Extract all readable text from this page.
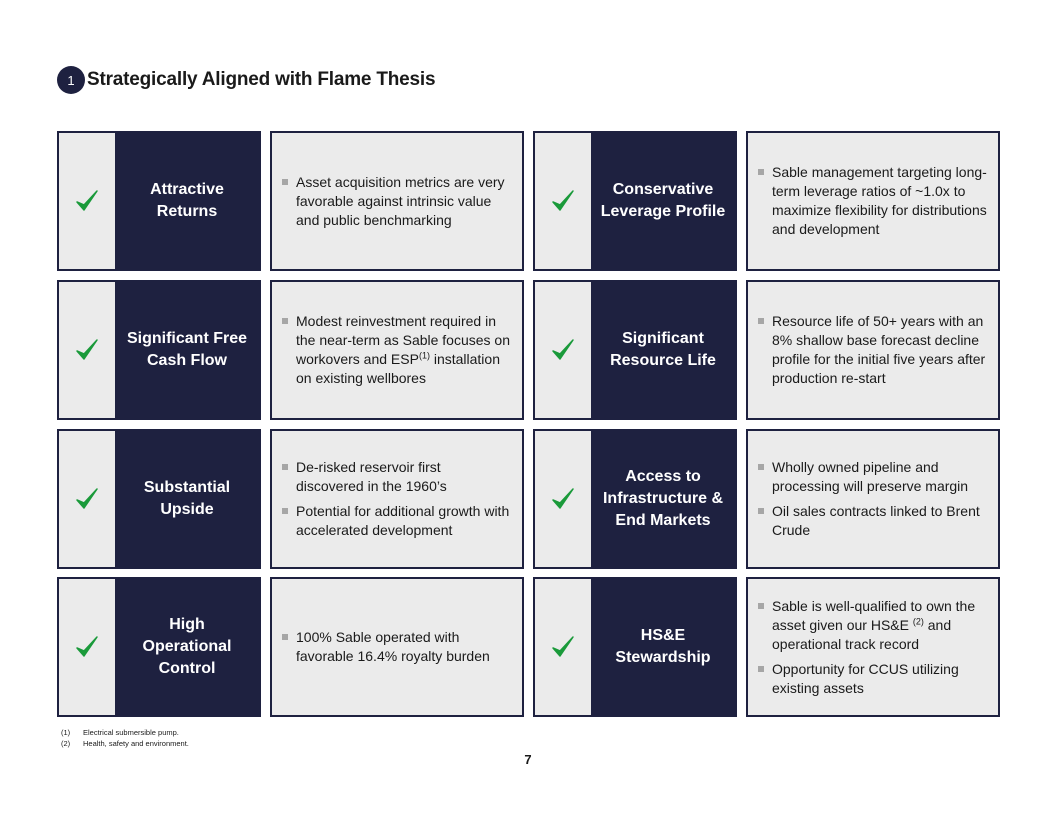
1 Strategically Aligned with Flame Thesis
Attractive
Returns
Asset acquisition metrics are very favorable against intrinsic value and public benchmarking
Conservative
Leverage Profile
Sable management targeting long-term leverage ratios of ~1.0x to maximize flexibility for distributions and development
Significant Free
Cash Flow
Modest reinvestment required in the near-term as Sable focuses on workovers and ESP$^{(1)}$ installation on existing wellbores
Significant
Resource Life
Resource life of 50+ years with an 8% shallow base forecast decline profile for the initial five years after production re-start
Substantial
Upside
De-risked reservoir first discovered in the 1960’s
Potential for additional growth with accelerated development
Access to
Infrastructure &
End Markets
Wholly owned pipeline and processing will preserve margin
Oil sales contracts linked to Brent Crude
High
Operational
Control
100% Sable operated with favorable 16.4% royalty burden
HS&E
Stewardship
Sable is well-qualified to own the asset given our HS&E $^{(2)}$ and operational track record
Opportunity for CCUS utilizing existing assets
(1)	Electrical submersible pump.
(2)	Health, safety and environment.
7
